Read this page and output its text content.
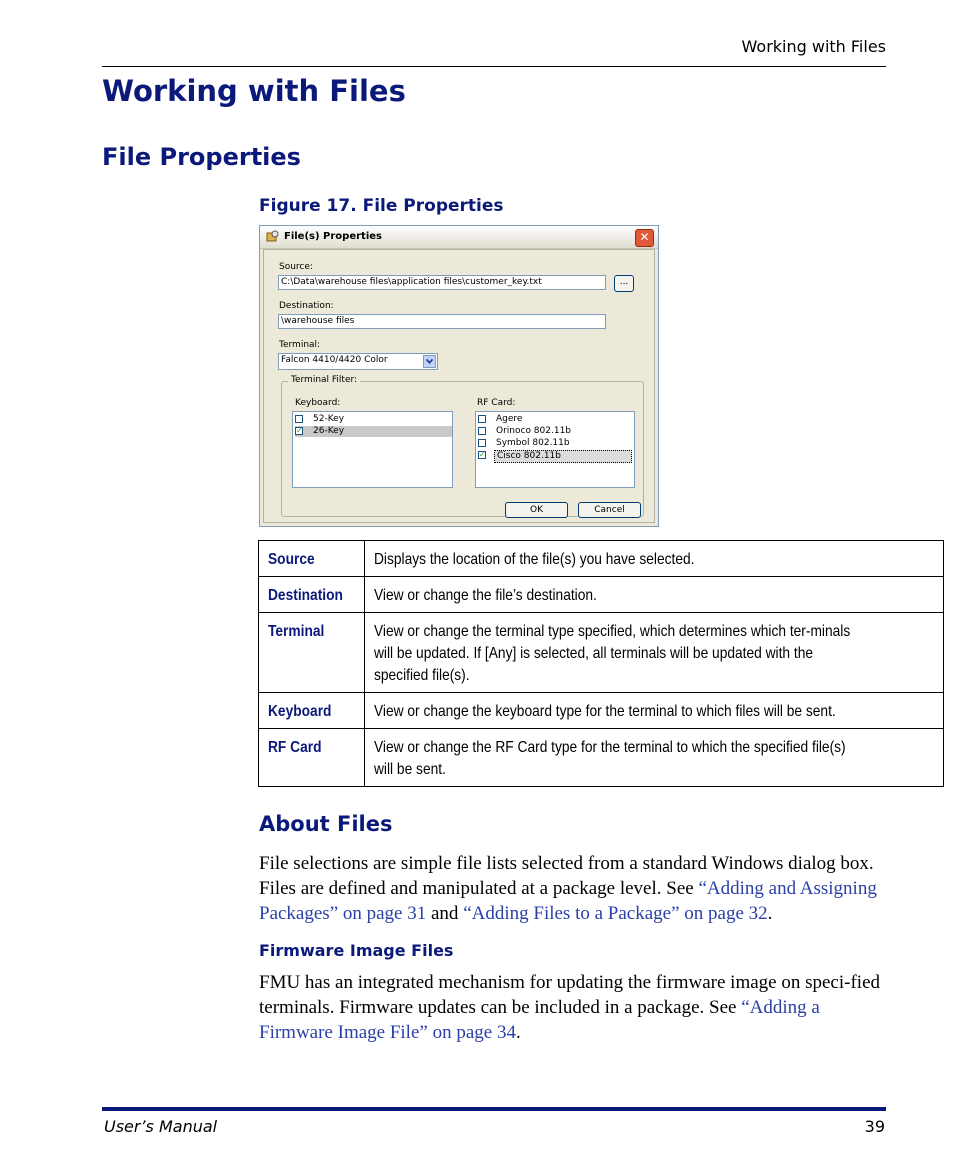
Working with Files
Working with Files
File Properties
Figure 17. File Properties
File(s) Properties	✕
Source:
C:\Data\warehouse files\application files\customer_key.txt	...
Destination:
\warehouse files
Terminal:
Falcon 4410/4420 Color
Terminal Filter:
Keyboard:
52-Key
✓ 26-Key
RF Card:
Agere
Orinoco 802.11b
Symbol 802.11b
✓	Cisco 802.11b
OK	Cancel
Source	Displays the location of the file(s) you have selected.

Destination	View or change the file’s destination.

Terminal	View or change the terminal type specified, which determines which ter-minals will be updated. If [Any] is selected, all terminals will be updated with the specified file(s).

Keyboard	View or change the keyboard type for the terminal to which files will be sent.

RF Card	View or change the RF Card type for the terminal to which the specified file(s) will be sent.
About Files

File selections are simple file lists selected from a standard Windows dialog box. Files are defined and manipulated at a package level. See “Adding and Assigning Packages” on page 31 and “Adding Files to a Package” on page 32.

Firmware Image Files

FMU has an integrated mechanism for updating the firmware image on speci-fied terminals. Firmware updates can be included in a package. See “Adding a Firmware Image File” on page 34.

User’s Manual	39
